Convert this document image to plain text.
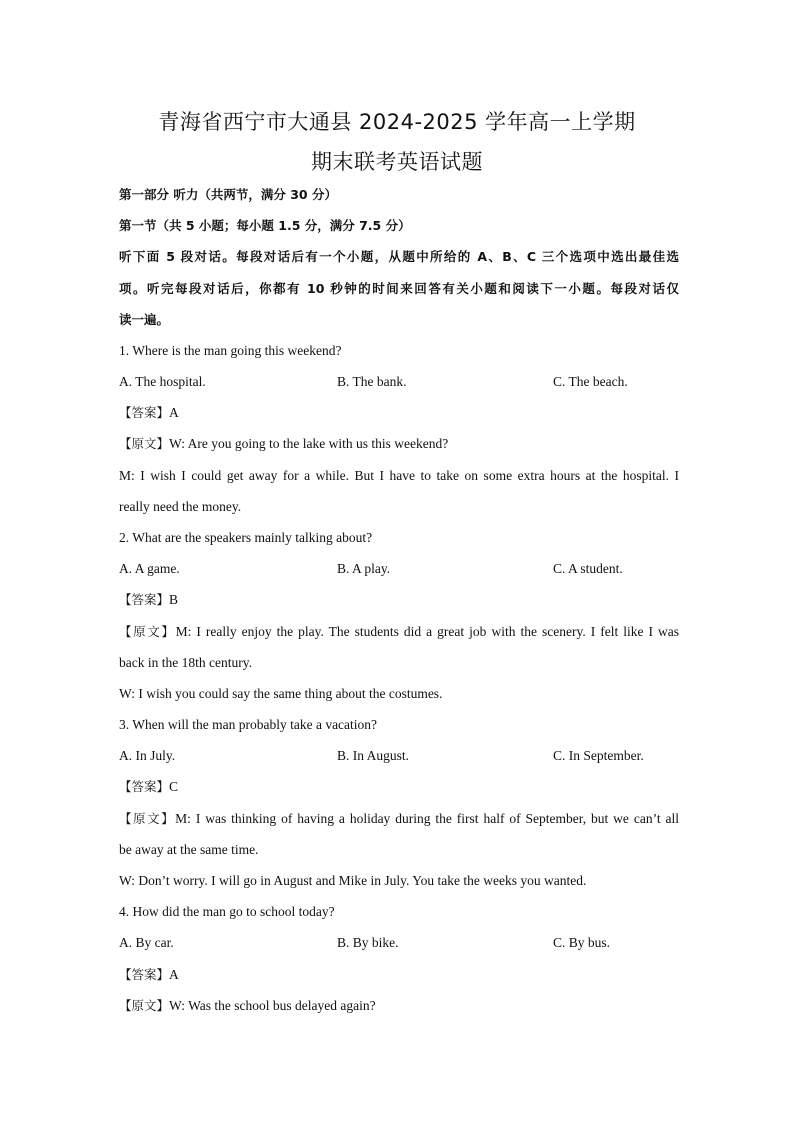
青海省西宁市大通县 2024-2025 学年高一上学期
期末联考英语试题
第一部分 听力（共两节，满分 30 分）
第一节（共 5 小题；每小题 1.5 分，满分 7.5 分）
听下面 5 段对话。每段对话后有一个小题，从题中所给的 A、B、C 三个选项中选出最佳选
项。听完每段对话后，你都有 10 秒钟的时间来回答有关小题和阅读下一小题。每段对话仅
读一遍。
1. Where is the man going this weekend?
A. The hospital.	B. The bank.	C. The beach.
【答案】A
【原文】W: Are you going to the lake with us this weekend?
M: I wish I could get away for a while. But I have to take on some extra hours at the hospital. I
really need the money.
2. What are the speakers mainly talking about?
A. A game.	B. A play.	C. A student.
【答案】B
【原文】M: I really enjoy the play. The students did a great job with the scenery. I felt like I was
back in the 18th century.
W: I wish you could say the same thing about the costumes.
3. When will the man probably take a vacation?
A. In July.	B. In August.	C. In September.
【答案】C
【原文】M: I was thinking of having a holiday during the first half of September, but we can’t all
be away at the same time.
W: Don’t worry. I will go in August and Mike in July. You take the weeks you wanted.
4. How did the man go to school today?
A. By car.	B. By bike.	C. By bus.
【答案】A
【原文】W: Was the school bus delayed again?
